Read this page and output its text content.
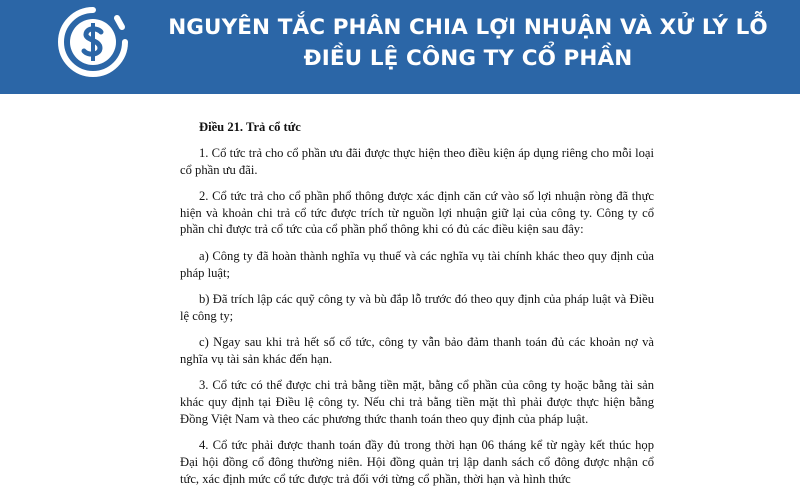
NGUYÊN TẮC PHÂN CHIA LỢI NHUẬN VÀ XỬ LÝ LỖ
ĐIỀU LỆ CÔNG TY CỔ PHẦN
Điều 21. Trả cổ tức
1. Cổ tức trả cho cổ phần ưu đãi được thực hiện theo điều kiện áp dụng riêng cho mỗi loại cổ phần ưu đãi.
2. Cổ tức trả cho cổ phần phổ thông được xác định căn cứ vào số lợi nhuận ròng đã thực hiện và khoản chi trả cổ tức được trích từ nguồn lợi nhuận giữ lại của công ty. Công ty cổ phần chỉ được trả cổ tức của cổ phần phổ thông khi có đủ các điều kiện sau đây:
a) Công ty đã hoàn thành nghĩa vụ thuế và các nghĩa vụ tài chính khác theo quy định của pháp luật;
b) Đã trích lập các quỹ công ty và bù đắp lỗ trước đó theo quy định của pháp luật và Điều lệ công ty;
c) Ngay sau khi trả hết số cổ tức, công ty vẫn bảo đảm thanh toán đủ các khoản nợ và nghĩa vụ tài sản khác đến hạn.
3. Cổ tức có thể được chi trả bằng tiền mặt, bằng cổ phần của công ty hoặc bằng tài sản khác quy định tại Điều lệ công ty. Nếu chi trả bằng tiền mặt thì phải được thực hiện bằng Đồng Việt Nam và theo các phương thức thanh toán theo quy định của pháp luật.
4. Cổ tức phải được thanh toán đầy đủ trong thời hạn 06 tháng kể từ ngày kết thúc họp Đại hội đồng cổ đông thường niên. Hội đồng quản trị lập danh sách cổ đông được nhận cổ tức, xác định mức cổ tức được trả đối với từng cổ phần, thời hạn và hình thức
